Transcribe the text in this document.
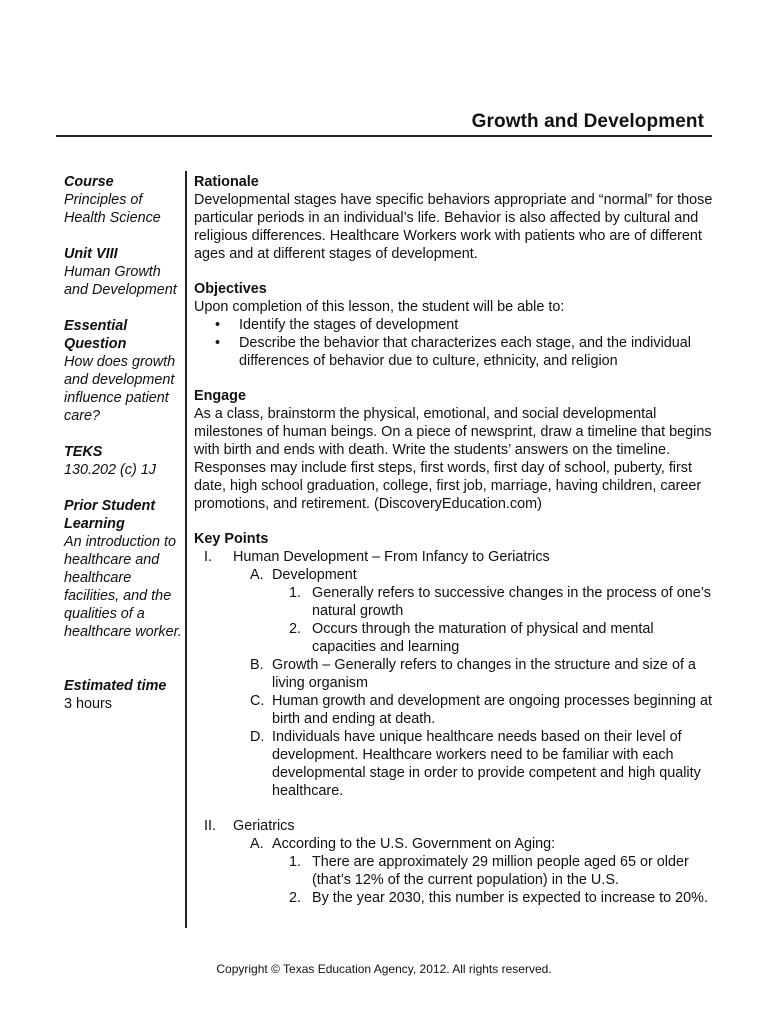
Growth and Development
Course
Principles of Health Science
Unit VIII
Human Growth and Development
Essential Question
How does growth and development influence patient care?
TEKS
130.202 (c) 1J
Prior Student Learning
An introduction to healthcare and healthcare facilities, and the qualities of a healthcare worker.
Estimated time
3 hours
Rationale

Developmental stages have specific behaviors appropriate and “normal” for those particular periods in an individual’s life. Behavior is also affected by cultural and religious differences. Healthcare Workers work with patients who are of different ages and at different stages of development.

Objectives

Upon completion of this lesson, the student will be able to:

• Identify the stages of development
• Describe the behavior that characterizes each stage, and the individual differences of behavior due to culture, ethnicity, and religion
Engage

As a class, brainstorm the physical, emotional, and social developmental milestones of human beings. On a piece of newsprint, draw a timeline that begins with birth and ends with death. Write the students’ answers on the timeline. Responses may include first steps, first words, first day of school, puberty, first date, high school graduation, college, first job, marriage, having children, career promotions, and retirement. (DiscoveryEducation.com)

Key Points
I. Human Development – From Infancy to Geriatrics
A. Development
1. Generally refers to successive changes in the process of one’s natural growth
2. Occurs through the maturation of physical and mental capacities and learning
B. Growth – Generally refers to changes in the structure and size of a living organism
C. Human growth and development are ongoing processes beginning at birth and ending at death.
D. Individuals have unique healthcare needs based on their level of development. Healthcare workers need to be familiar with each developmental stage in order to provide competent and high quality healthcare.
II. Geriatrics
A. According to the U.S. Government on Aging:
1. There are approximately 29 million people aged 65 or older (that’s 12% of the current population) in the U.S.
2. By the year 2030, this number is expected to increase to 20%.
Copyright © Texas Education Agency, 2012. All rights reserved.
